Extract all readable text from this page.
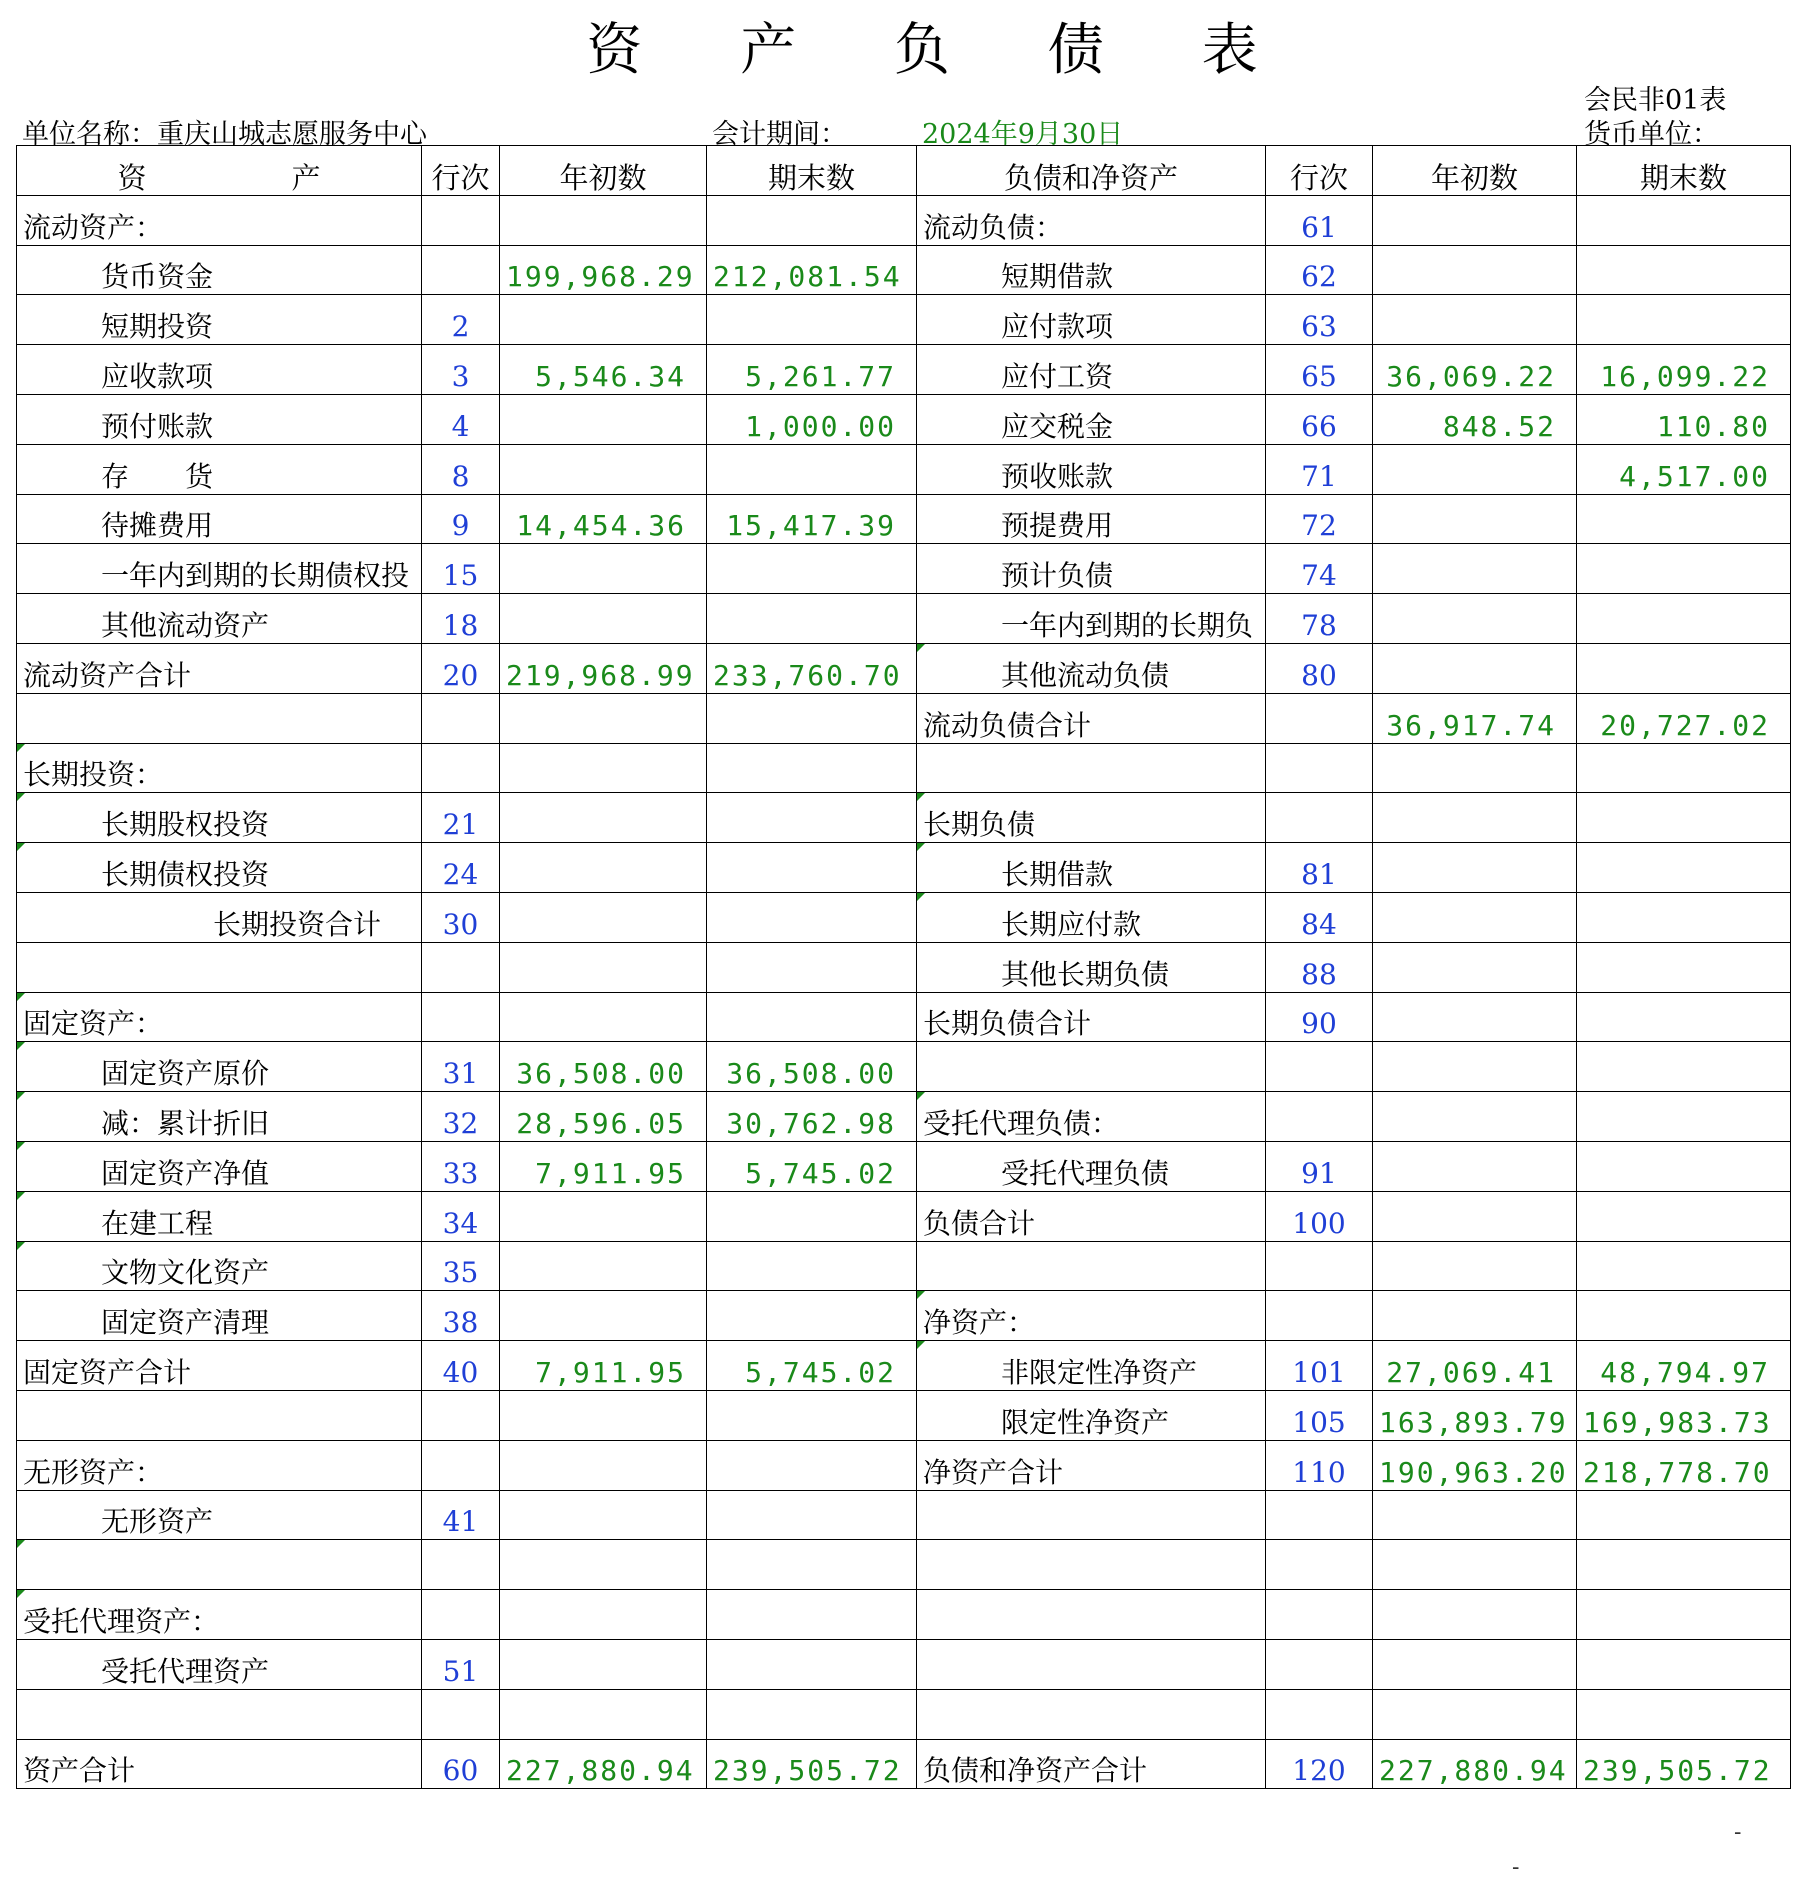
资 产 负 债 表
会民非01表
单位名称：重庆山城志愿服务中心	会计期间：	2024年9月30日	货币单位：
资　　　　　产	行次	年初数	期末数	负债和净资产	行次	年初数	期末数
流动资产：				流动负债：	61		
货币资金		199,968.29	212,081.54	短期借款	62		
短期投资	2			应付款项	63		
应收款项	3	5,546.34	5,261.77	应付工资	65	36,069.22	16,099.22
预付账款	4		1,000.00	应交税金	66	848.52	110.80
存　　货	8			预收账款	71		4,517.00
待摊费用	9	14,454.36	15,417.39	预提费用	72		
一年内到期的长期债权投	15			预计负债	74		
其他流动资产	18			一年内到期的长期负	78		
流动资产合计	20	219,968.99	233,760.70	其他流动负债	80		
				流动负债合计		36,917.74	20,727.02
长期投资：							
长期股权投资	21			长期负债			
长期债权投资	24			长期借款	81		
长期投资合计	30			长期应付款	84		
				其他长期负债	88		
固定资产：				长期负债合计	90		
固定资产原价	31	36,508.00	36,508.00				
减：累计折旧	32	28,596.05	30,762.98	受托代理负债：			
固定资产净值	33	7,911.95	5,745.02	受托代理负债	91		
在建工程	34			负债合计	100		
文物文化资产	35						
固定资产清理	38			净资产：			
固定资产合计	40	7,911.95	5,745.02	非限定性净资产	101	27,069.41	48,794.97
				限定性净资产	105	163,893.79	169,983.73
无形资产：				净资产合计	110	190,963.20	218,778.70
无形资产	41						

受托代理资产：							
受托代理资产	51						

资产合计	60	227,880.94	239,505.72	负债和净资产合计	120	227,880.94	239,505.72
-
-
